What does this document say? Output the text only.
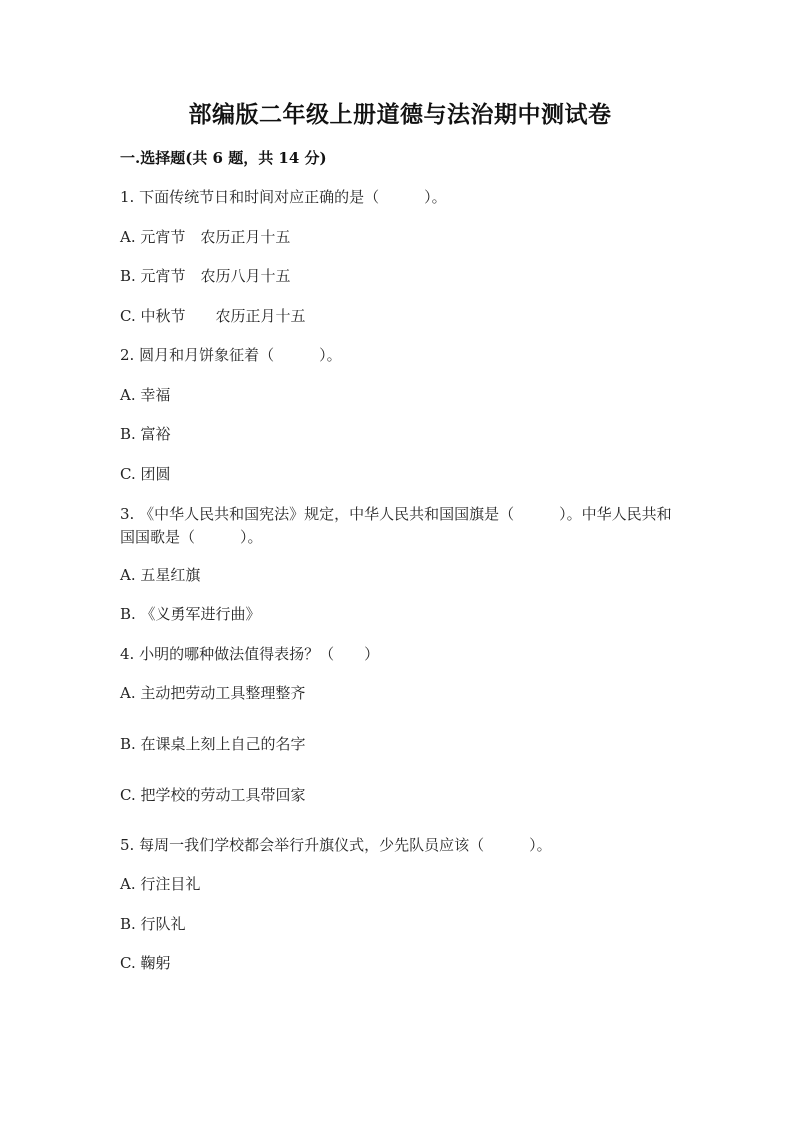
部编版二年级上册道德与法治期中测试卷
一.选择题(共 6 题，共 14 分)
1. 下面传统节日和时间对应正确的是（　　　）。
A. 元宵节　农历正月十五
B. 元宵节　农历八月十五
C. 中秋节　　农历正月十五
2. 圆月和月饼象征着（　　　）。
A. 幸福
B. 富裕
C. 团圆
3. 《中华人民共和国宪法》规定，中华人民共和国国旗是（　　　）。中华人民共和国国歌是（　　　）。
A. 五星红旗
B. 《义勇军进行曲》
4. 小明的哪种做法值得表扬？（　　）
A. 主动把劳动工具整理整齐
B. 在课桌上刻上自己的名字
C. 把学校的劳动工具带回家
5. 每周一我们学校都会举行升旗仪式，少先队员应该（　　　）。
A. 行注目礼
B. 行队礼
C. 鞠躬
